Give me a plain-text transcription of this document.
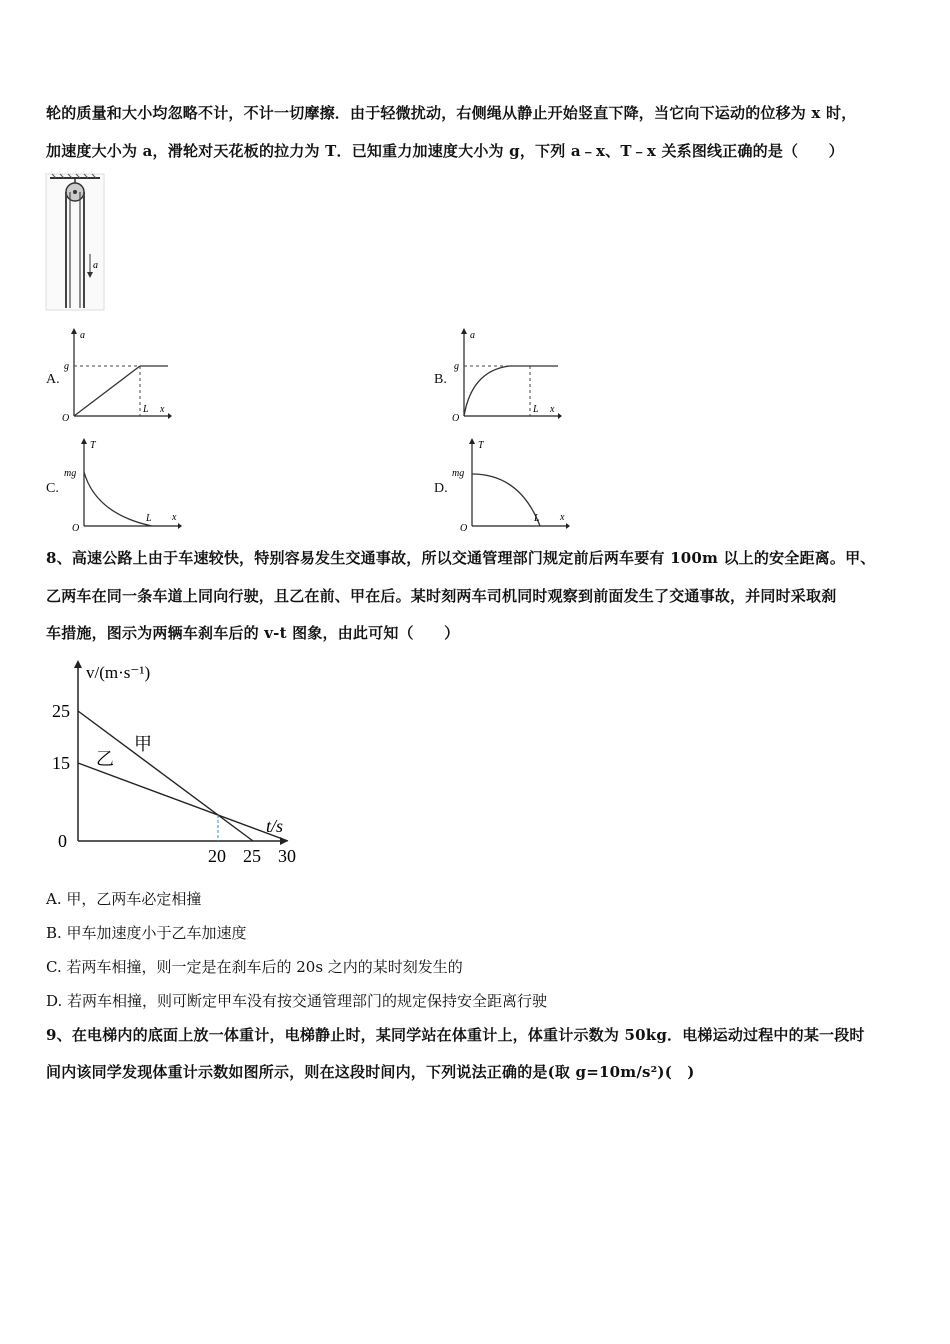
轮的质量和大小均忽略不计，不计一切摩擦．由于轻微扰动，右侧绳从静止开始竖直下降，当它向下运动的位移为 x 时，
加速度大小为 a，滑轮对天花板的拉力为 T．已知重力加速度大小为 g，下列 a﹣x、T﹣x 关系图线正确的是（　　）
a
A.
a
g
O
L x
B.
a
g
O
L x
C.
T
mg
O
L x
D.
T
mg
O
L x
8、高速公路上由于车速较快，特别容易发生交通事故，所以交通管理部门规定前后两车要有 100m 以上的安全距离。甲、
乙两车在同一条车道上同向行驶，且乙在前、甲在后。某时刻两车司机同时观察到前面发生了交通事故，并同时采取刹
车措施，图示为两辆车刹车后的 v-t 图象，由此可知（　　）
甲
乙
15
25
20 25 30
0
t/s
v/(m·s⁻¹)
A. 甲，乙两车必定相撞
B. 甲车加速度小于乙车加速度
C. 若两车相撞，则一定是在刹车后的 20s 之内的某时刻发生的
D. 若两车相撞，则可断定甲车没有按交通管理部门的规定保持安全距离行驶
9、在电梯内的底面上放一体重计，电梯静止时，某同学站在体重计上，体重计示数为 50kg．电梯运动过程中的某一段时
间内该同学发现体重计示数如图所示，则在这段时间内，下列说法正确的是(取 g=10m/s²)(　)
